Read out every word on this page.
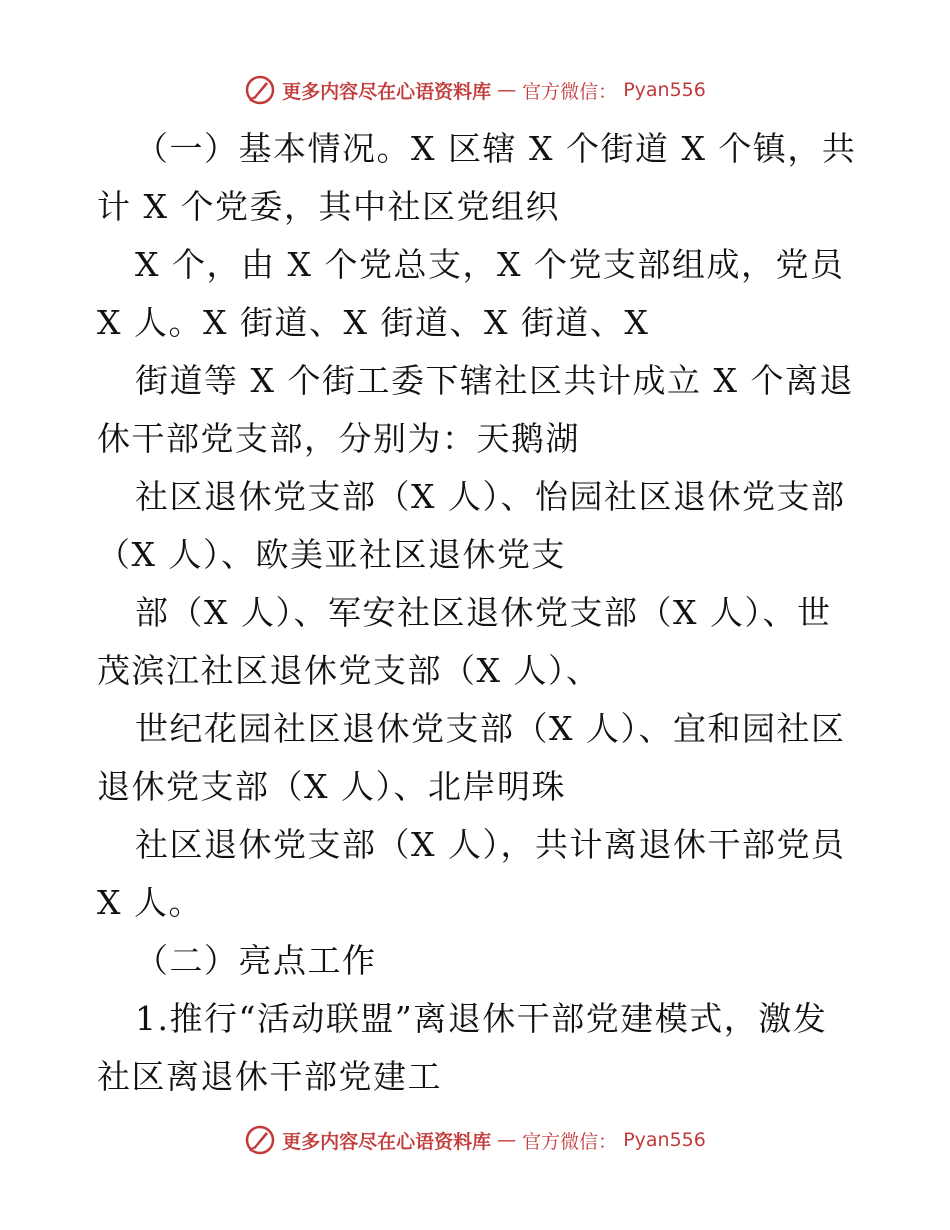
更多内容尽在心语资料库 — 官方微信： Pyan556
（一）基本情况。X 区辖 X 个街道 X 个镇，共
计 X 个党委，其中社区党组织
X 个，由 X 个党总支，X 个党支部组成，党员
X 人。X 街道、X 街道、X 街道、X
街道等 X 个街工委下辖社区共计成立 X 个离退
休干部党支部，分别为：天鹅湖
社区退休党支部（X 人）、怡园社区退休党支部
（X 人）、欧美亚社区退休党支
部（X 人）、军安社区退休党支部（X 人）、世
茂滨江社区退休党支部（X 人）、
世纪花园社区退休党支部（X 人）、宜和园社区
退休党支部（X 人）、北岸明珠
社区退休党支部（X 人），共计离退休干部党员
X 人。
（二）亮点工作
1.推行“活动联盟”离退休干部党建模式，激发
社区离退休干部党建工
更多内容尽在心语资料库 — 官方微信： Pyan556
